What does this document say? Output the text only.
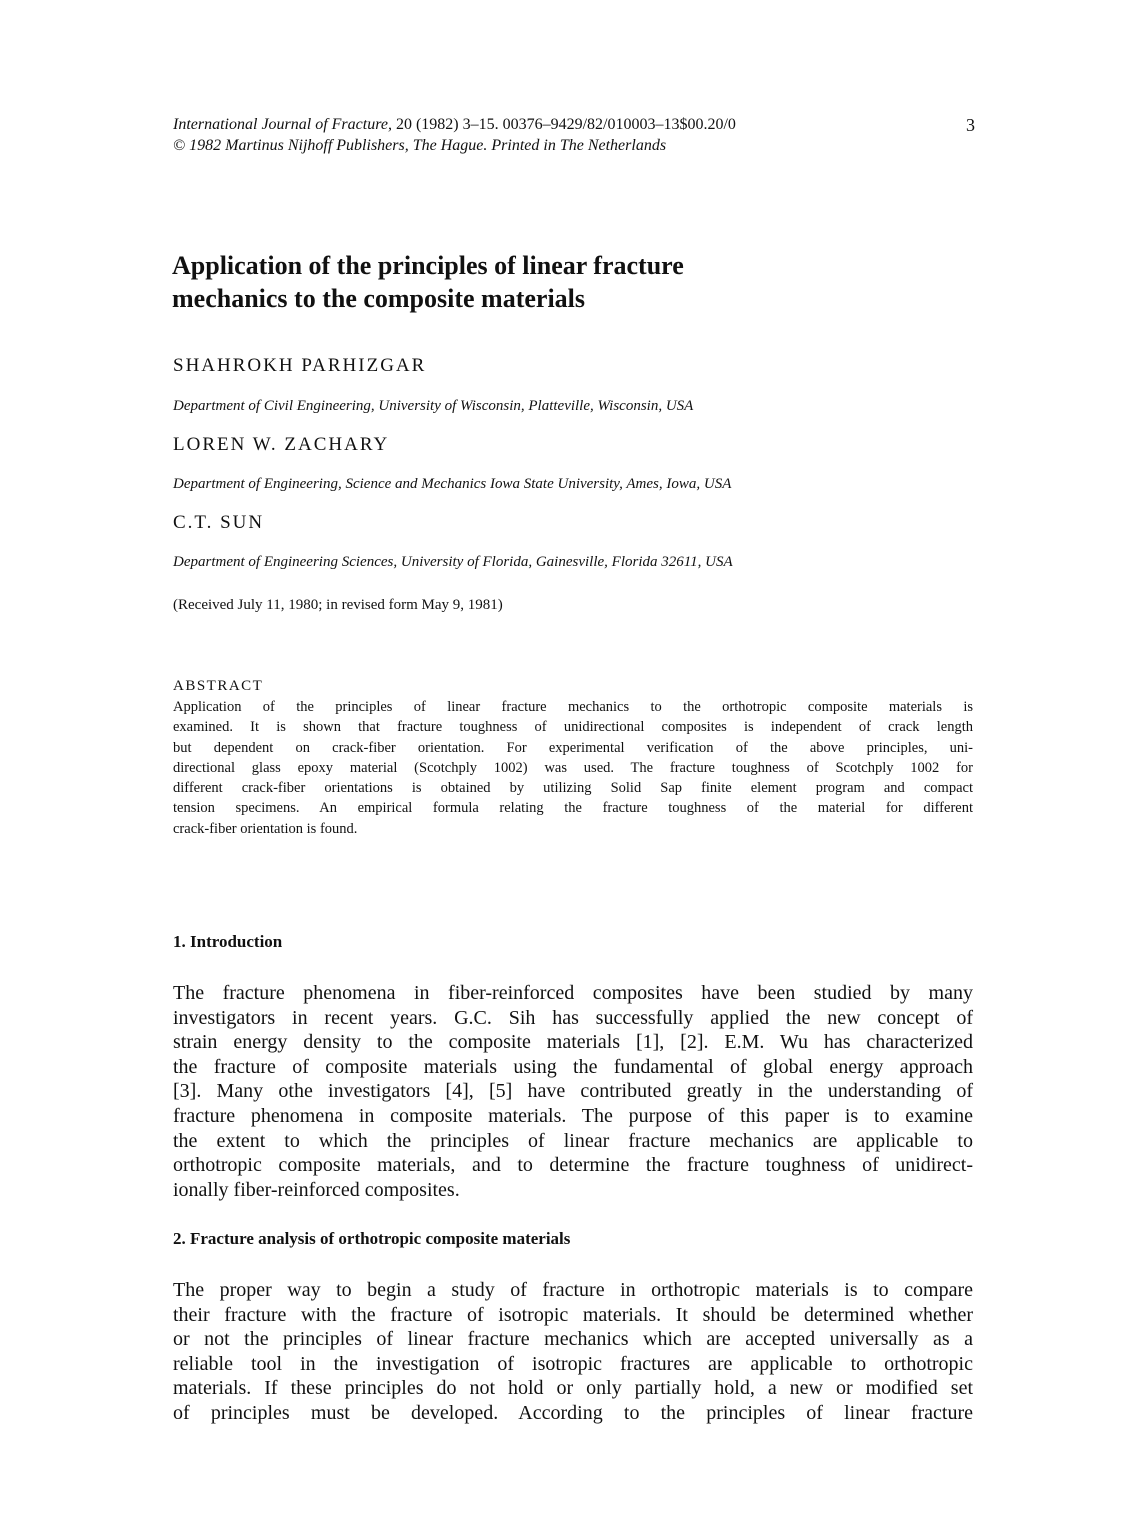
International Journal of Fracture, 20 (1982) 3–15. 00376–9429/82/010003–13$00.20/0
© 1982 Martinus Nijhoff Publishers, The Hague. Printed in The Netherlands
3
Application of the principles of linear fracture
mechanics to the composite materials
SHAHROKH PARHIZGAR
Department of Civil Engineering, University of Wisconsin, Platteville, Wisconsin, USA
LOREN W. ZACHARY
Department of Engineering, Science and Mechanics Iowa State University, Ames, Iowa, USA
C.T. SUN
Department of Engineering Sciences, University of Florida, Gainesville, Florida 32611, USA
(Received July 11, 1980; in revised form May 9, 1981)
ABSTRACT
Application of the principles of linear fracture mechanics to the orthotropic composite materials is
examined. It is shown that fracture toughness of unidirectional composites is independent of crack length
but dependent on crack-fiber orientation. For experimental verification of the above principles, uni-
directional glass epoxy material (Scotchply 1002) was used. The fracture toughness of Scotchply 1002 for
different crack-fiber orientations is obtained by utilizing Solid Sap finite element program and compact
tension specimens. An empirical formula relating the fracture toughness of the material for different
crack-fiber orientation is found.
1. Introduction
The fracture phenomena in fiber-reinforced composites have been studied by many
investigators in recent years. G.C. Sih has successfully applied the new concept of
strain energy density to the composite materials [1], [2]. E.M. Wu has characterized
the fracture of composite materials using the fundamental of global energy approach
[3]. Many othe investigators [4], [5] have contributed greatly in the understanding of
fracture phenomena in composite materials. The purpose of this paper is to examine
the extent to which the principles of linear fracture mechanics are applicable to
orthotropic composite materials, and to determine the fracture toughness of unidirect-
ionally fiber-reinforced composites.
2. Fracture analysis of orthotropic composite materials
The proper way to begin a study of fracture in orthotropic materials is to compare
their fracture with the fracture of isotropic materials. It should be determined whether
or not the principles of linear fracture mechanics which are accepted universally as a
reliable tool in the investigation of isotropic fractures are applicable to orthotropic
materials. If these principles do not hold or only partially hold, a new or modified set
of principles must be developed. According to the principles of linear fracture
